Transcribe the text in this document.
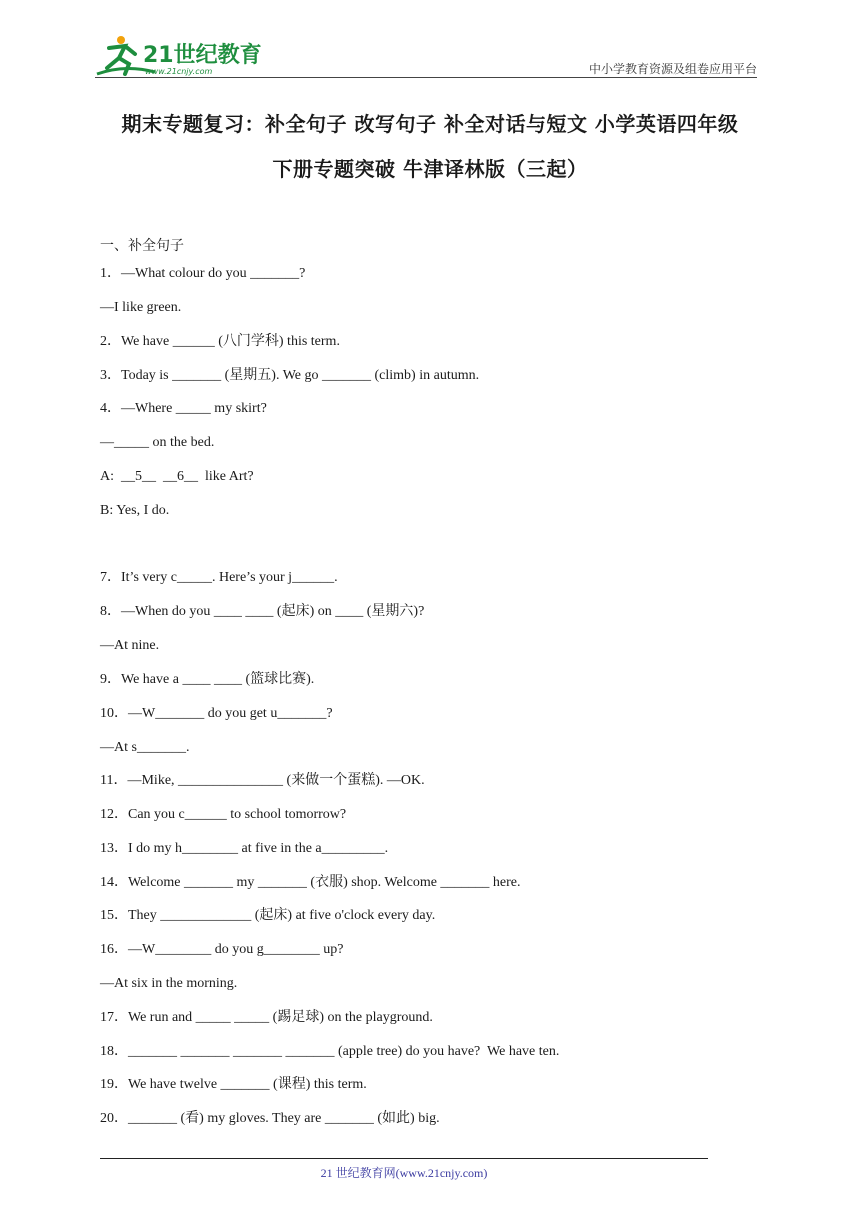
21世纪教育
www.21cnjy.com	中小学教育资源及组卷应用平台
期末专题复习：补全句子 改写句子 补全对话与短文 小学英语四年级
下册专题突破 牛津译林版（三起）
一、补全句子
1．—What colour do you _______?
—I like green.
2．We have ______ (八门学科) this term.
3．Today is _______ (星期五). We go _______ (climb) in autumn.
4．—Where _____ my skirt?
—_____ on the bed.
A:  __5__  __6__  like Art?
B: Yes, I do.
7．It’s very c_____. Here’s your j______.
8．—When do you ____ ____ (起床) on ____ (星期六)?
—At nine.
9．We have a ____ ____ (篮球比赛).
10．—W_______ do you get u_______?
—At s_______.
11．—Mike, _______________ (来做一个蛋糕). —OK.
12．Can you c______ to school tomorrow?
13．I do my h________ at five in the a_________.
14．Welcome _______ my _______ (衣服) shop. Welcome _______ here.
15．They _____________ (起床) at five o'clock every day.
16．—W________ do you g________ up?
—At six in the morning.
17．We run and _____ _____ (踢足球) on the playground.
18．_______ _______ _______ _______ (apple tree) do you have?  We have ten.
19．We have twelve _______ (课程) this term.
20．_______ (看) my gloves. They are _______ (如此) big.
21 世纪教育网(www.21cnjy.com)
